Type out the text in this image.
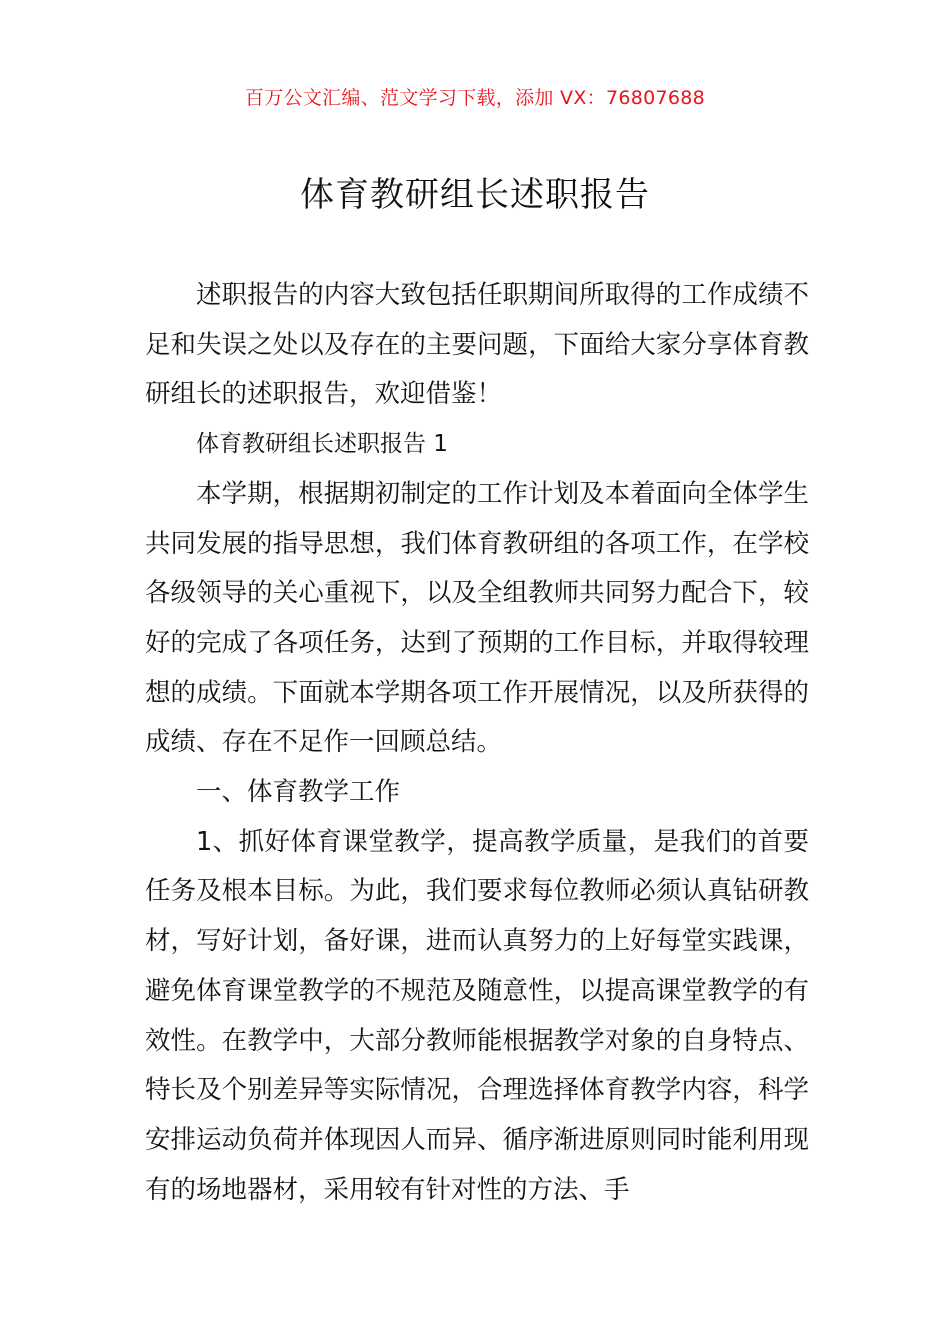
百万公文汇编、范文学习下载，添加 VX：76807688
体育教研组长述职报告

述职报告的内容大致包括任职期间所取得的工作成绩不足和失误之处以及存在的主要问题，下面给大家分享体育教研组长的述职报告，欢迎借鉴！

体育教研组长述职报告 1

本学期，根据期初制定的工作计划及本着面向全体学生共同发展的指导思想，我们体育教研组的各项工作，在学校各级领导的关心重视下，以及全组教师共同努力配合下，较好的完成了各项任务，达到了预期的工作目标，并取得较理想的成绩。下面就本学期各项工作开展情况，以及所获得的成绩、存在不足作一回顾总结。

一、体育教学工作

1、抓好体育课堂教学，提高教学质量，是我们的首要任务及根本目标。为此，我们要求每位教师必须认真钻研教材，写好计划，备好课，进而认真努力的上好每堂实践课，避免体育课堂教学的不规范及随意性，以提高课堂教学的有效性。在教学中，大部分教师能根据教学对象的自身特点、特长及个别差异等实际情况，合理选择体育教学内容，科学安排运动负荷并体现因人而异、循序渐进原则同时能利用现有的场地器材，采用较有针对性的方法、手
